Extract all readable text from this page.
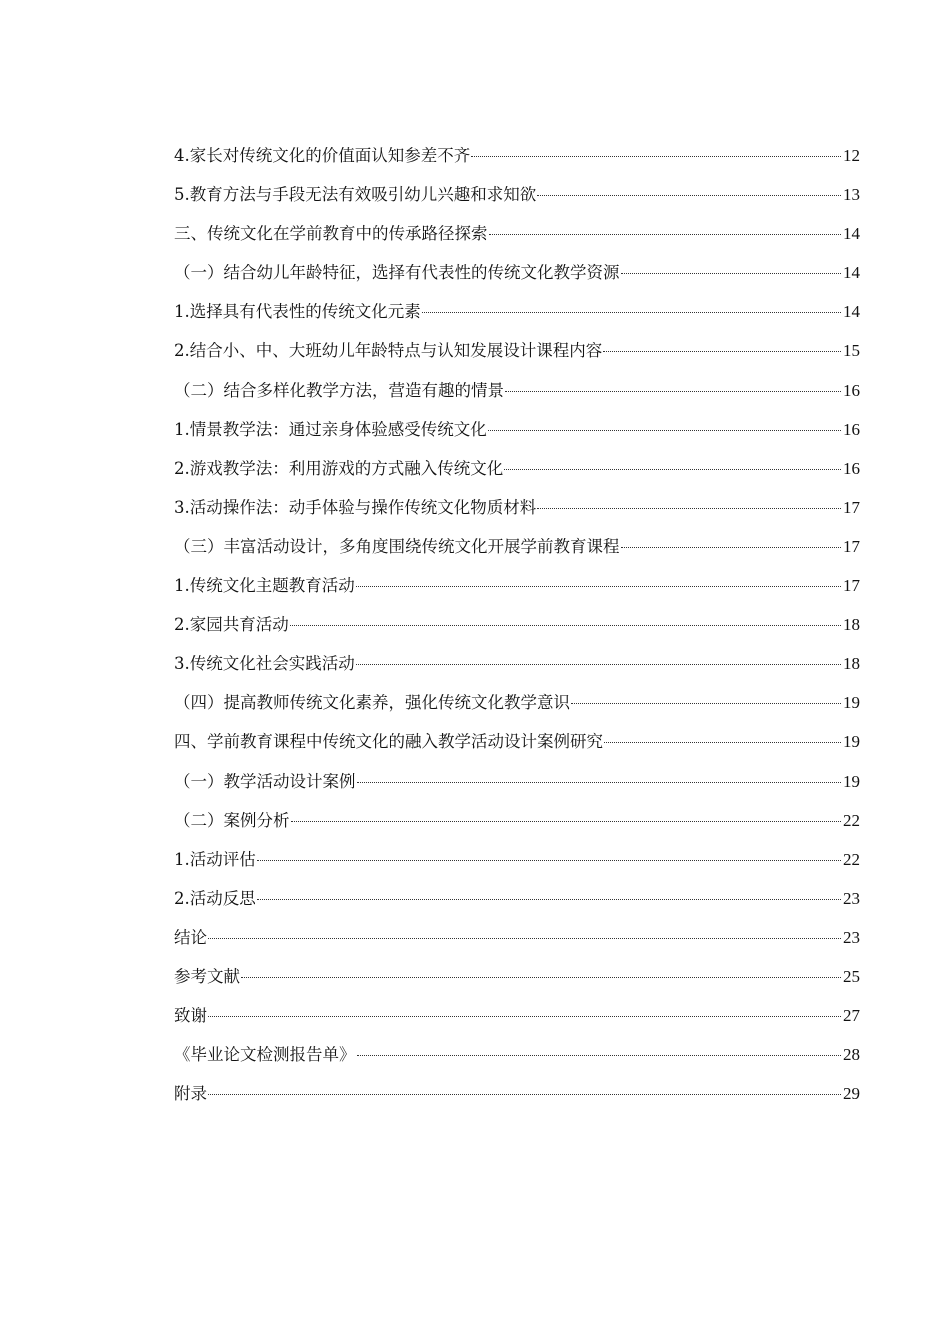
4.家长对传统文化的价值面认知参差不齐	12
5.教育方法与手段无法有效吸引幼儿兴趣和求知欲	13
三、传统文化在学前教育中的传承路径探索	14
（一）结合幼儿年龄特征，选择有代表性的传统文化教学资源	14
1.选择具有代表性的传统文化元素	14
2.结合小、中、大班幼儿年龄特点与认知发展设计课程内容	15
（二）结合多样化教学方法，营造有趣的情景	16
1.情景教学法：通过亲身体验感受传统文化	16
2.游戏教学法：利用游戏的方式融入传统文化	16
3.活动操作法：动手体验与操作传统文化物质材料	17
（三）丰富活动设计，多角度围绕传统文化开展学前教育课程	17
1.传统文化主题教育活动	17
2.家园共育活动	18
3.传统文化社会实践活动	18
（四）提高教师传统文化素养，强化传统文化教学意识	19
四、学前教育课程中传统文化的融入教学活动设计案例研究	19
（一）教学活动设计案例	19
（二）案例分析	22
1.活动评估	22
2.活动反思	23
结论	23
参考文献	25
致谢	27
《毕业论文检测报告单》	28
附录	29
